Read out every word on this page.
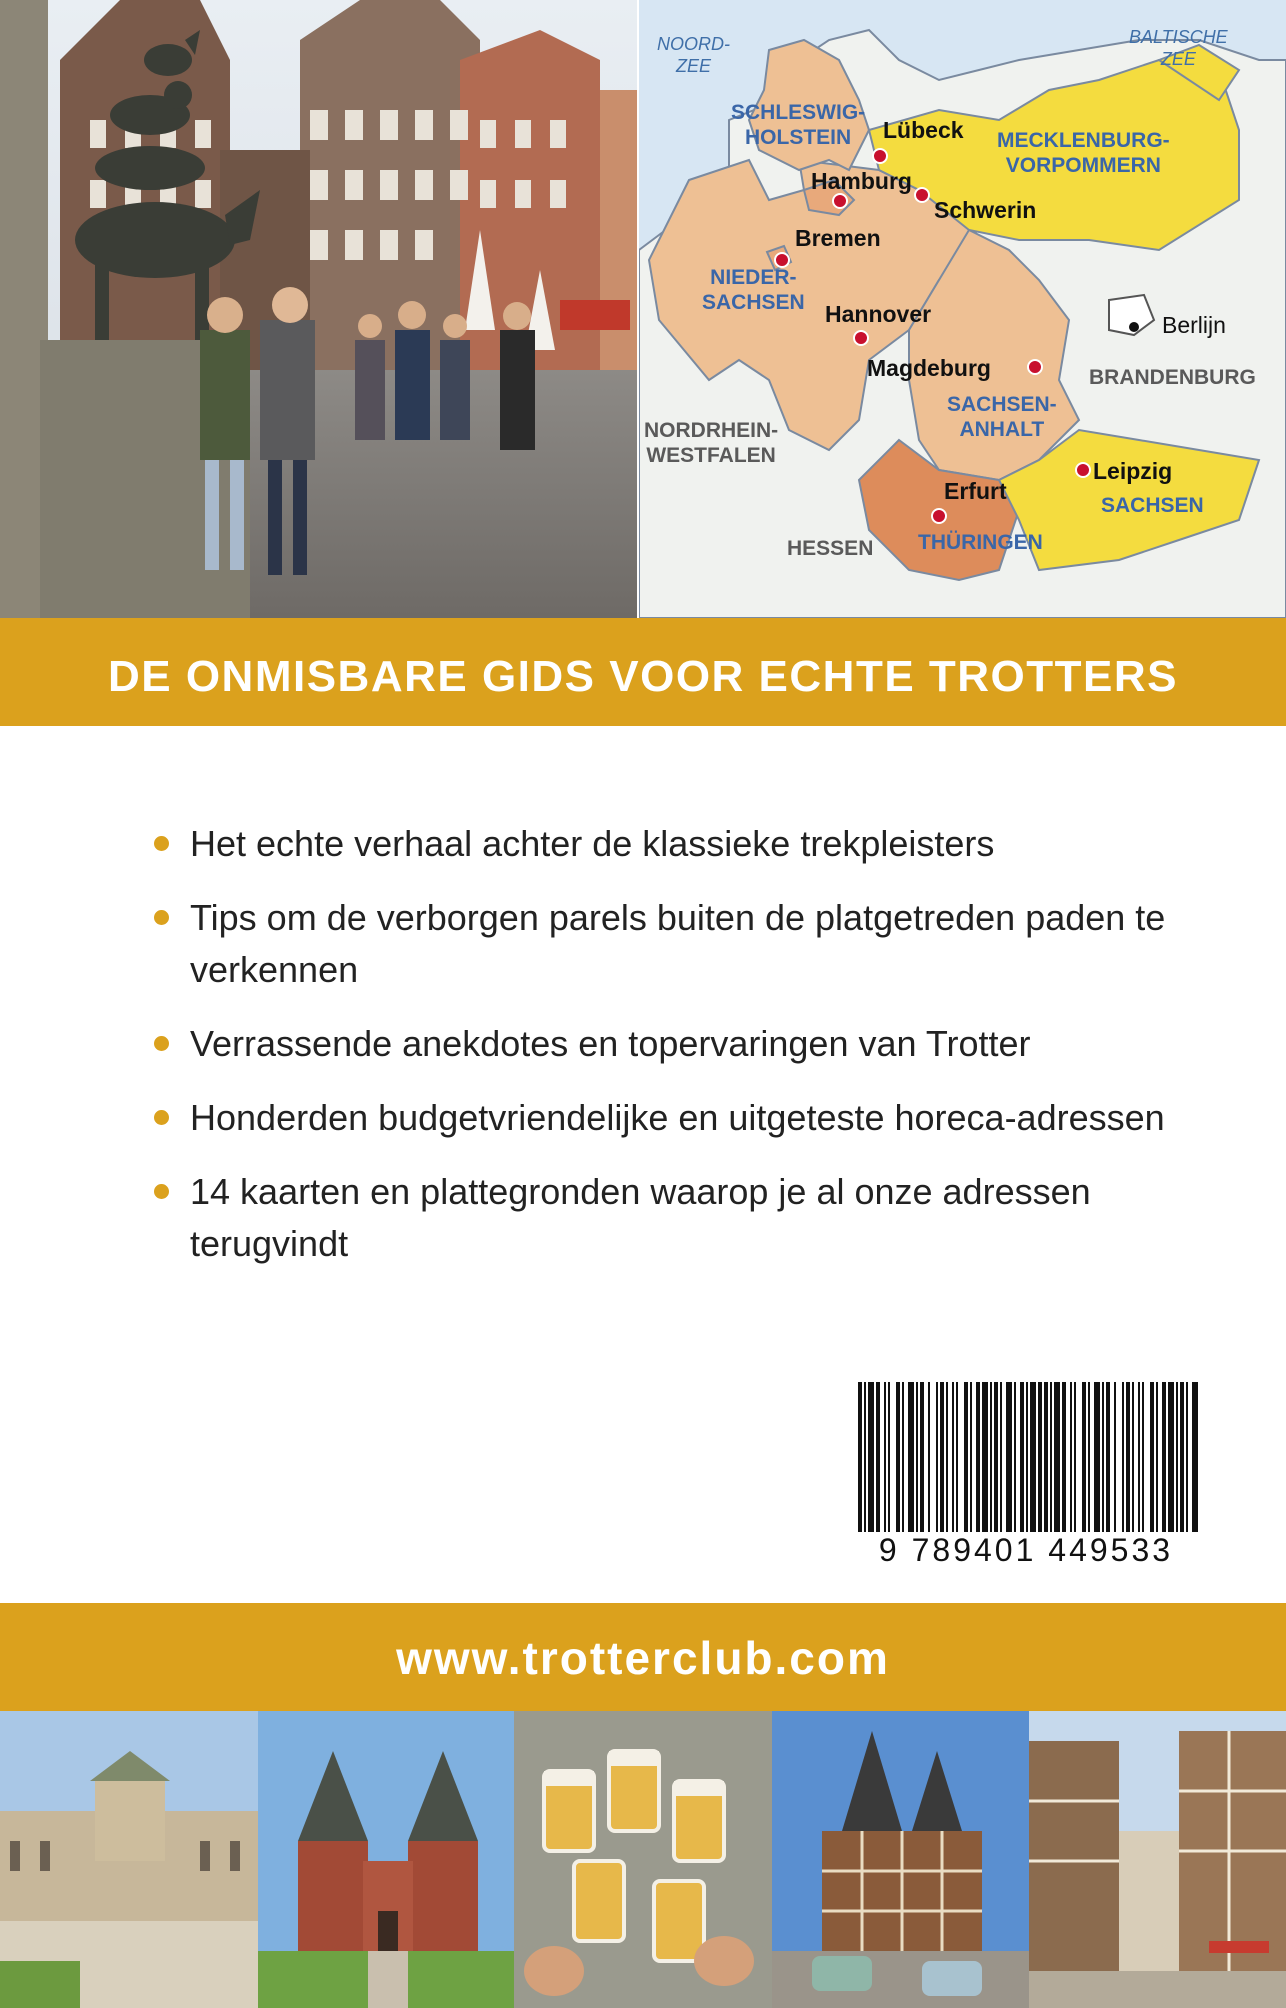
NOORD-
ZEE
BALTISCHE
ZEE
SCHLESWIG-
HOLSTEIN	MECKLENBURG-
VORPOMMERN
NIEDER-
SACHSEN
SACHSEN-
ANHALT
THÜRINGEN
SACHSEN
BRANDENBURG
NORDRHEIN-
WESTFALEN
HESSEN
Lübeck
Hamburg
Schwerin
Bremen
Hannover	Berlijn
Magdeburg
Leipzig
Erfurt
DE ONMISBARE GIDS VOOR ECHTE TROTTERS
Het echte verhaal achter de klassieke trekpleisters
Tips om de verborgen parels buiten de platgetreden paden te verkennen
Verrassende anekdotes en topervaringen van Trotter
Honderden budgetvriendelijke en uitgeteste horeca-adressen
14 kaarten en plattegronden waarop je al onze adressen terugvindt
9 789401 449533
www.trotterclub.com
